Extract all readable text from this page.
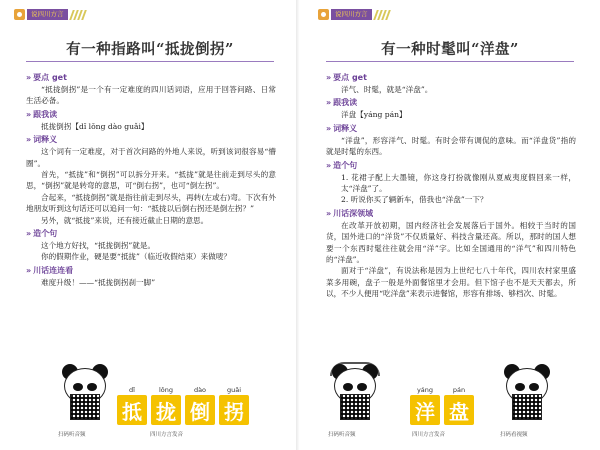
说四川方言
有一种指路叫“抵拢倒拐”
» 要点 get
“抵拢倒拐”是一个有一定难度的四川话词语，应用于回答问路、日常生活必备。
» 跟我读
抵拢倒拐【dǐ lǒng dào guǎi】
» 词释义
这个词有一定难度，对于首次问路的外地人来说，听到该词很容易“懵圈”。
首先，“抵拢”和“倒拐”可以拆分开来。“抵拢”就是往前走到尽头的意思，“倒拐”就是转弯的意思，可“倒右拐”，也可“倒左拐”。
合起来，“抵拢倒拐”就是指往前走到尽头，再转(左或右)弯。下次有外地朋友听到这句话还可以追问一句：“抵拢以后倒右拐还是倒左拐？”
另外，就“抵拢”来说，还有接近截止日期的意思。
» 造个句
这个地方好找，“抵拢倒拐”就是。
你的假期作业，硬是要“抵拢”（临近收假结束）来做唛？
» 川话连连看
难度升级！——“抵拢倒拐刹一脚”
dǐ
抵
lǒng
拢
dào
倒
guǎi
拐
扫码听音频	四川方言发音
说四川方言
有一种时髦叫“洋盘”
» 要点 get
洋气、时髦，就是“洋盘”。
» 跟我读
洋盘【yáng pán】
» 词释义
“洋盘”，形容洋气、时髦。有时会带有调侃的意味。而“洋盘货”指的就是时髦的东西。
» 造个句
1. 花裙子配上大墨镜，你这身打扮就像刚从夏威夷度假回来一样，太“洋盘”了。
2. 听说你买了辆新车，借我也“洋盘”一下？
» 川话深领域
在改革开放初期，国内经济社会发展落后于国外。相较于当时的国货，国外进口的“洋货”不仅质量好、科技含量还高。所以，那时的国人想要一个东西时髦往往就会用“洋”字。比如全国通用的“洋气”和四川特色的“洋盘”。
面对于“洋盘”，有说法称是因为上世纪七八十年代，四川农村家里盛菜多用碗，盘子一般是外面餐馆里才会用。但下馆子也不是天天都去，所以，不少人便用“吃洋盘”来表示进餐馆，形容有排场、够档次、时髦。
yáng
洋
pán
盘
扫码听音频	四川方言发音	扫码看视频
